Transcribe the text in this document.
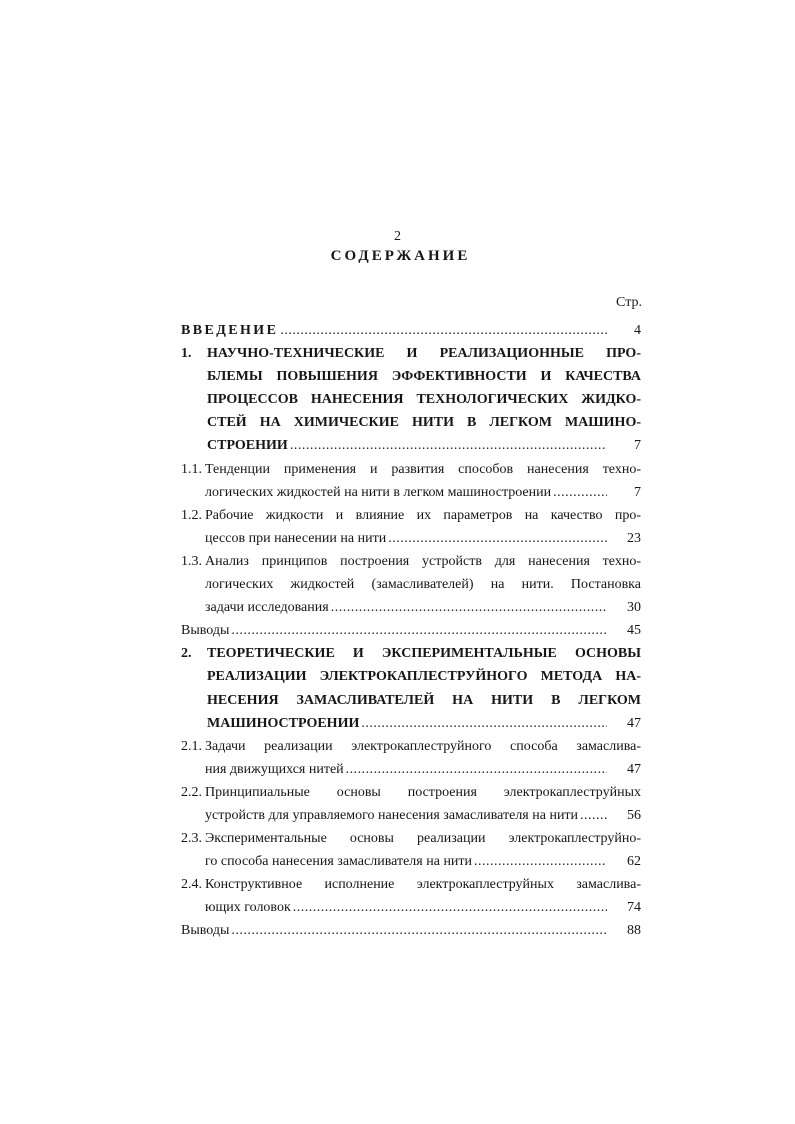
2
СОДЕРЖАНИЕ
Стр.
ВВЕДЕНИЕ .....	4
1. НАУЧНО-ТЕХНИЧЕСКИЕ И РЕАЛИЗАЦИОННЫЕ ПРО-
БЛЕМЫ ПОВЫШЕНИЯ ЭФФЕКТИВНОСТИ И КАЧЕСТВА
ПРОЦЕССОВ НАНЕСЕНИЯ ТЕХНОЛОГИЧЕСКИХ ЖИДКО-
СТЕЙ НА ХИМИЧЕСКИЕ НИТИ В ЛЕГКОМ МАШИНО-
СТРОЕНИИ .....	7
1.1. Тенденции применения и развития способов нанесения техно-
логических жидкостей на нити в легком машиностроении .....	7
1.2. Рабочие жидкости и влияние их параметров на качество про-
цессов при нанесении на нити .....	23
1.3. Анализ принципов построения устройств для нанесения техно-
логических жидкостей (замасливателей) на нити. Постановка
задачи исследования .....	30
Выводы .....	45
2. ТЕОРЕТИЧЕСКИЕ И ЭКСПЕРИМЕНТАЛЬНЫЕ ОСНОВЫ
РЕАЛИЗАЦИИ ЭЛЕКТРОКАПЛЕСТРУЙНОГО МЕТОДА НА-
НЕСЕНИЯ ЗАМАСЛИВАТЕЛЕЙ НА НИТИ В ЛЕГКОМ
МАШИНОСТРОЕНИИ .....	47
2.1. Задачи реализации электрокаплеструйного способа замаслива-
ния движущихся нитей .....	47
2.2. Принципиальные основы построения электрокаплеструйных
устройств для управляемого нанесения замасливателя на нити .....	56
2.3. Экспериментальные основы реализации электрокаплеструйно-
го способа нанесения замасливателя на нити .....	62
2.4. Конструктивное исполнение электрокаплеструйных замаслива-
ющих головок .....	74
Выводы .....	88
